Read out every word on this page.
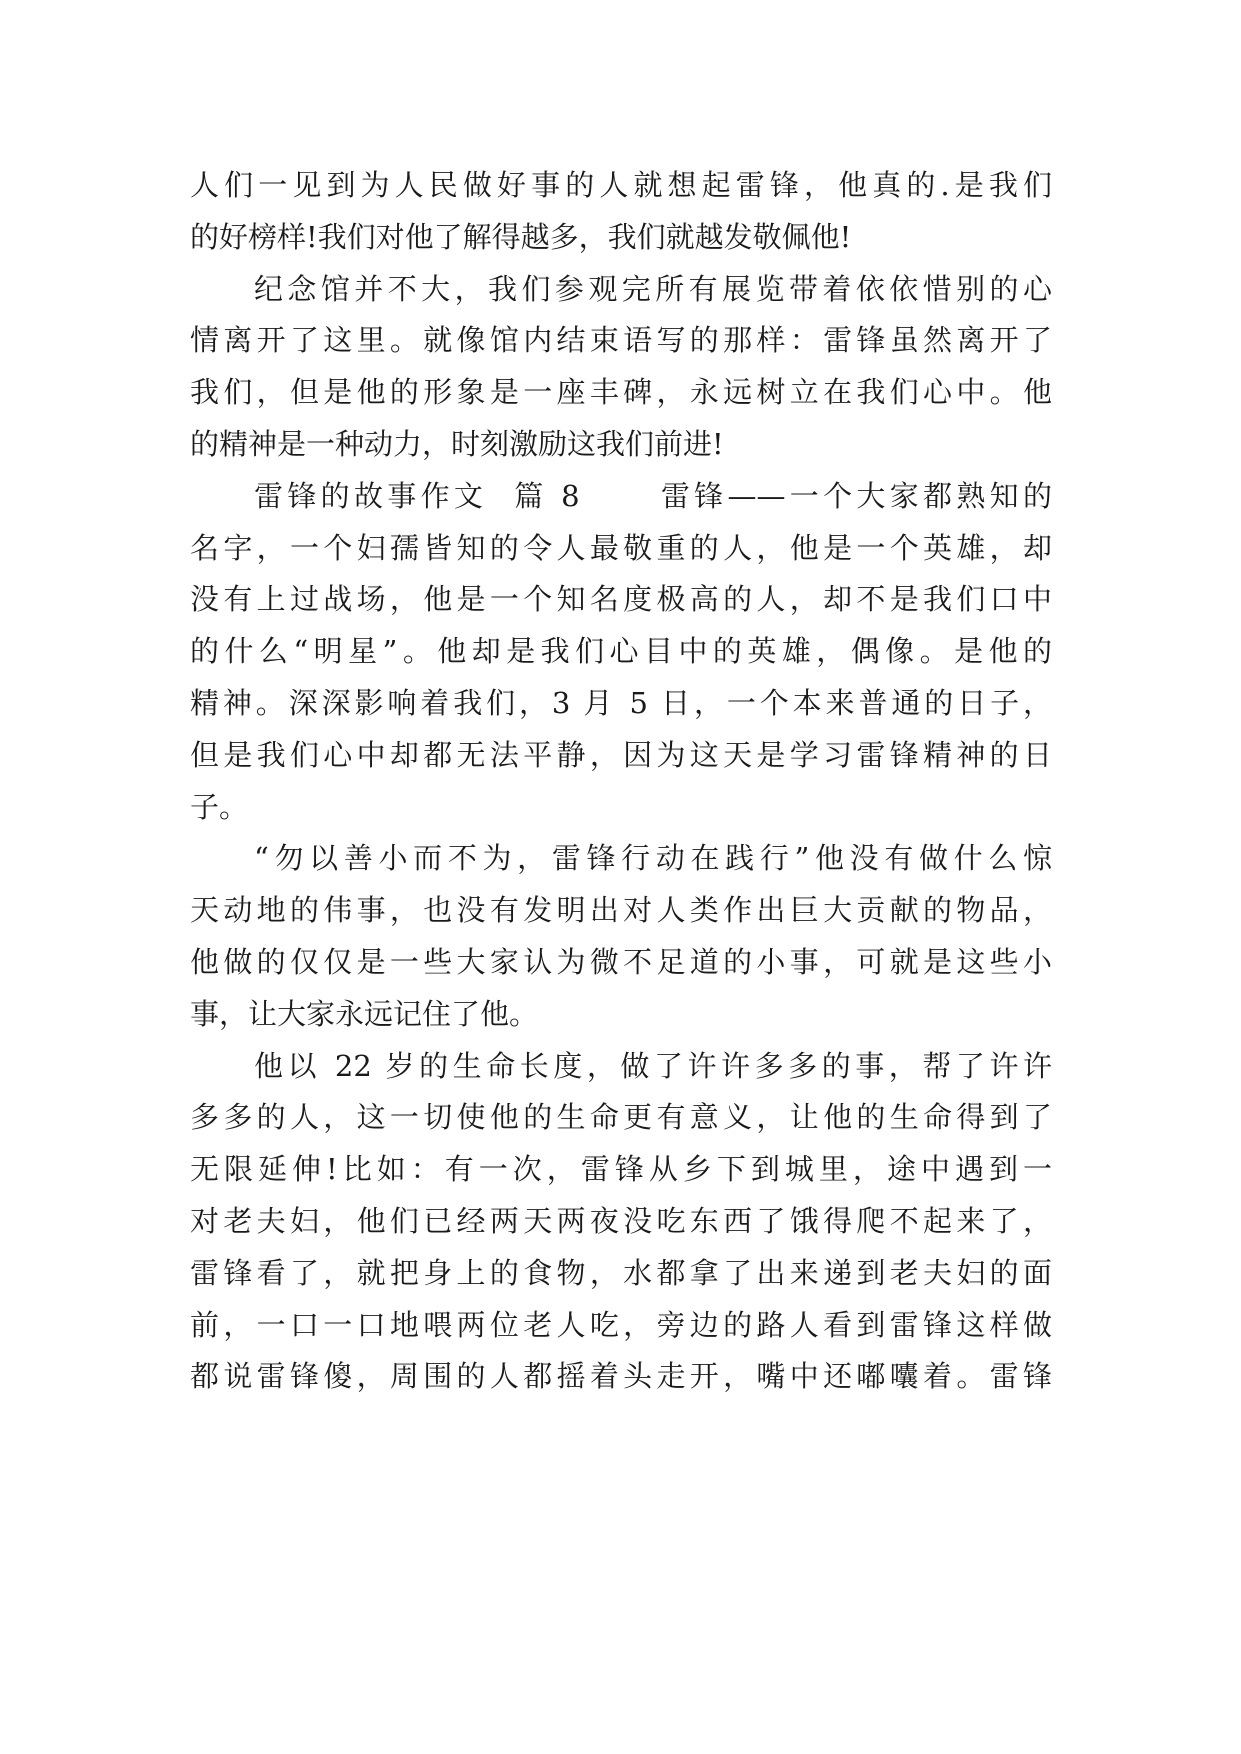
人们一见到为人民做好事的人就想起雷锋，他真的.是我们
的好榜样!我们对他了解得越多，我们就越发敬佩他!
纪念馆并不大，我们参观完所有展览带着依依惜别的心
情离开了这里。就像馆内结束语写的那样：雷锋虽然离开了
我们，但是他的形象是一座丰碑，永远树立在我们心中。他
的精神是一种动力，时刻激励这我们前进!
雷锋的故事作文  篇 8      雷锋——一个大家都熟知的
名字，一个妇孺皆知的令人最敬重的人，他是一个英雄，却
没有上过战场，他是一个知名度极高的人，却不是我们口中
的什么“明星”。他却是我们心目中的英雄，偶像。是他的
精神。深深影响着我们，3 月 5 日，一个本来普通的日子，
但是我们心中却都无法平静，因为这天是学习雷锋精神的日
子。
“勿以善小而不为，雷锋行动在践行”他没有做什么惊
天动地的伟事，也没有发明出对人类作出巨大贡献的物品，
他做的仅仅是一些大家认为微不足道的小事，可就是这些小
事，让大家永远记住了他。
他以 22 岁的生命长度，做了许许多多的事，帮了许许
多多的人，这一切使他的生命更有意义，让他的生命得到了
无限延伸!比如：有一次，雷锋从乡下到城里，途中遇到一
对老夫妇，他们已经两天两夜没吃东西了饿得爬不起来了，
雷锋看了，就把身上的食物，水都拿了出来递到老夫妇的面
前，一口一口地喂两位老人吃，旁边的路人看到雷锋这样做
都说雷锋傻，周围的人都摇着头走开，嘴中还嘟囔着。雷锋
